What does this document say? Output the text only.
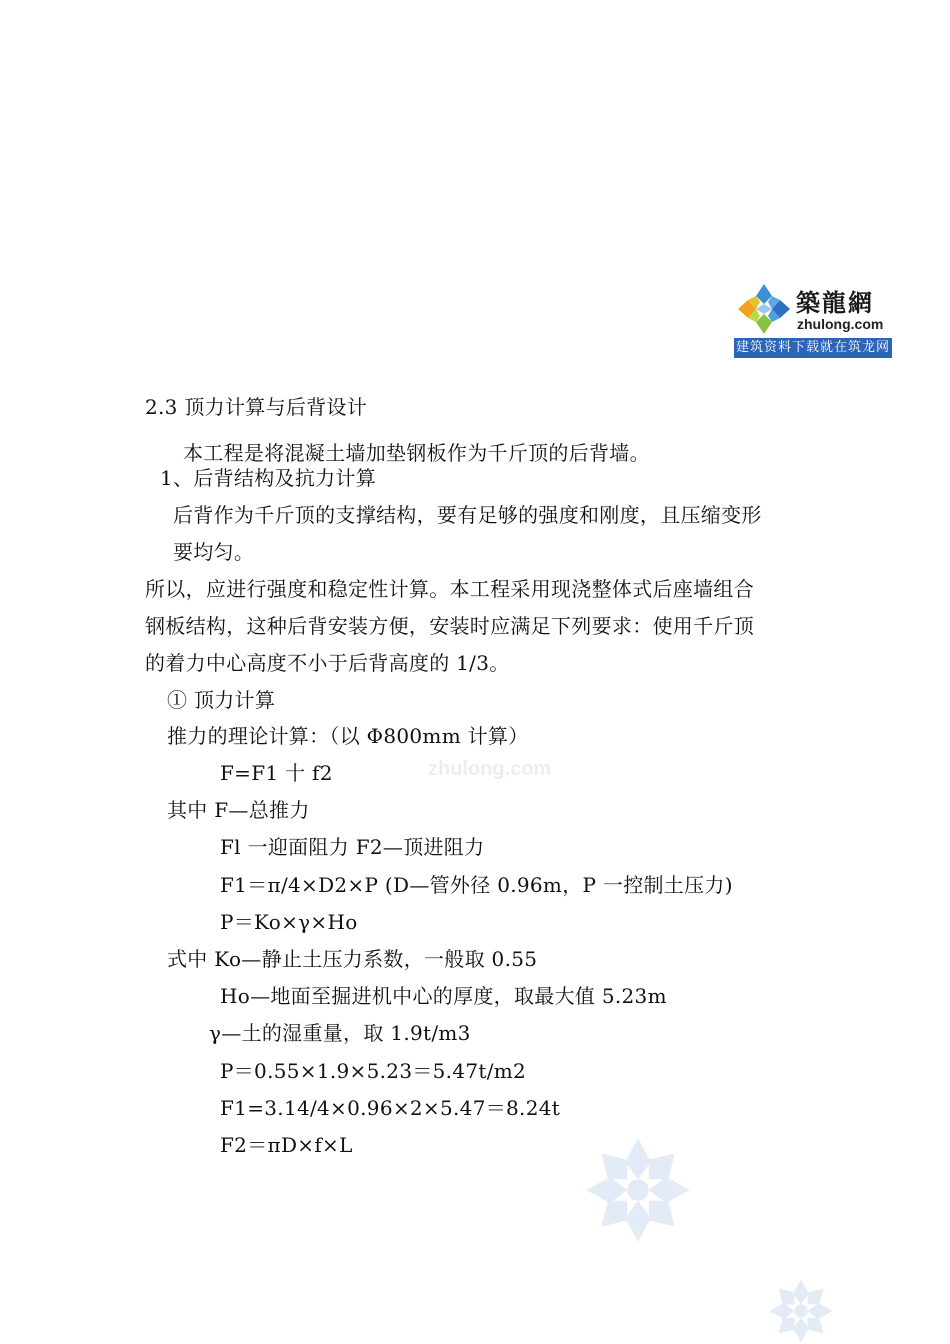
築龍網
zhulong.com
建筑资料下载就在筑龙网
zhulong.com
2.3 顶力计算与后背设计
本工程是将混凝土墙加垫钢板作为千斤顶的后背墙。
1、后背结构及抗力计算
后背作为千斤顶的支撑结构，要有足够的强度和刚度，且压缩变形
要均匀。
所以，应进行强度和稳定性计算。本工程采用现浇整体式后座墙组合
钢板结构，这种后背安装方便，安装时应满足下列要求：使用千斤顶
的着力中心高度不小于后背高度的 1/3。
① 顶力计算
推力的理论计算：（以 Φ800mm 计算）
F=F1 十 f2
其中 F—总推力
Fl 一迎面阻力 F2—顶进阻力
F1＝π/4×D2×P (D—管外径 0.96m，P 一控制土压力)
P＝Ko×γ×Ho
式中 Ko—静止土压力系数，一般取 0.55
Ho—地面至掘进机中心的厚度，取最大值 5.23m
γ—土的湿重量，取 1.9t/m3
P＝0.55×1.9×5.23＝5.47t/m2
F1=3.14/4×0.96×2×5.47＝8.24t
F2＝πD×f×L
